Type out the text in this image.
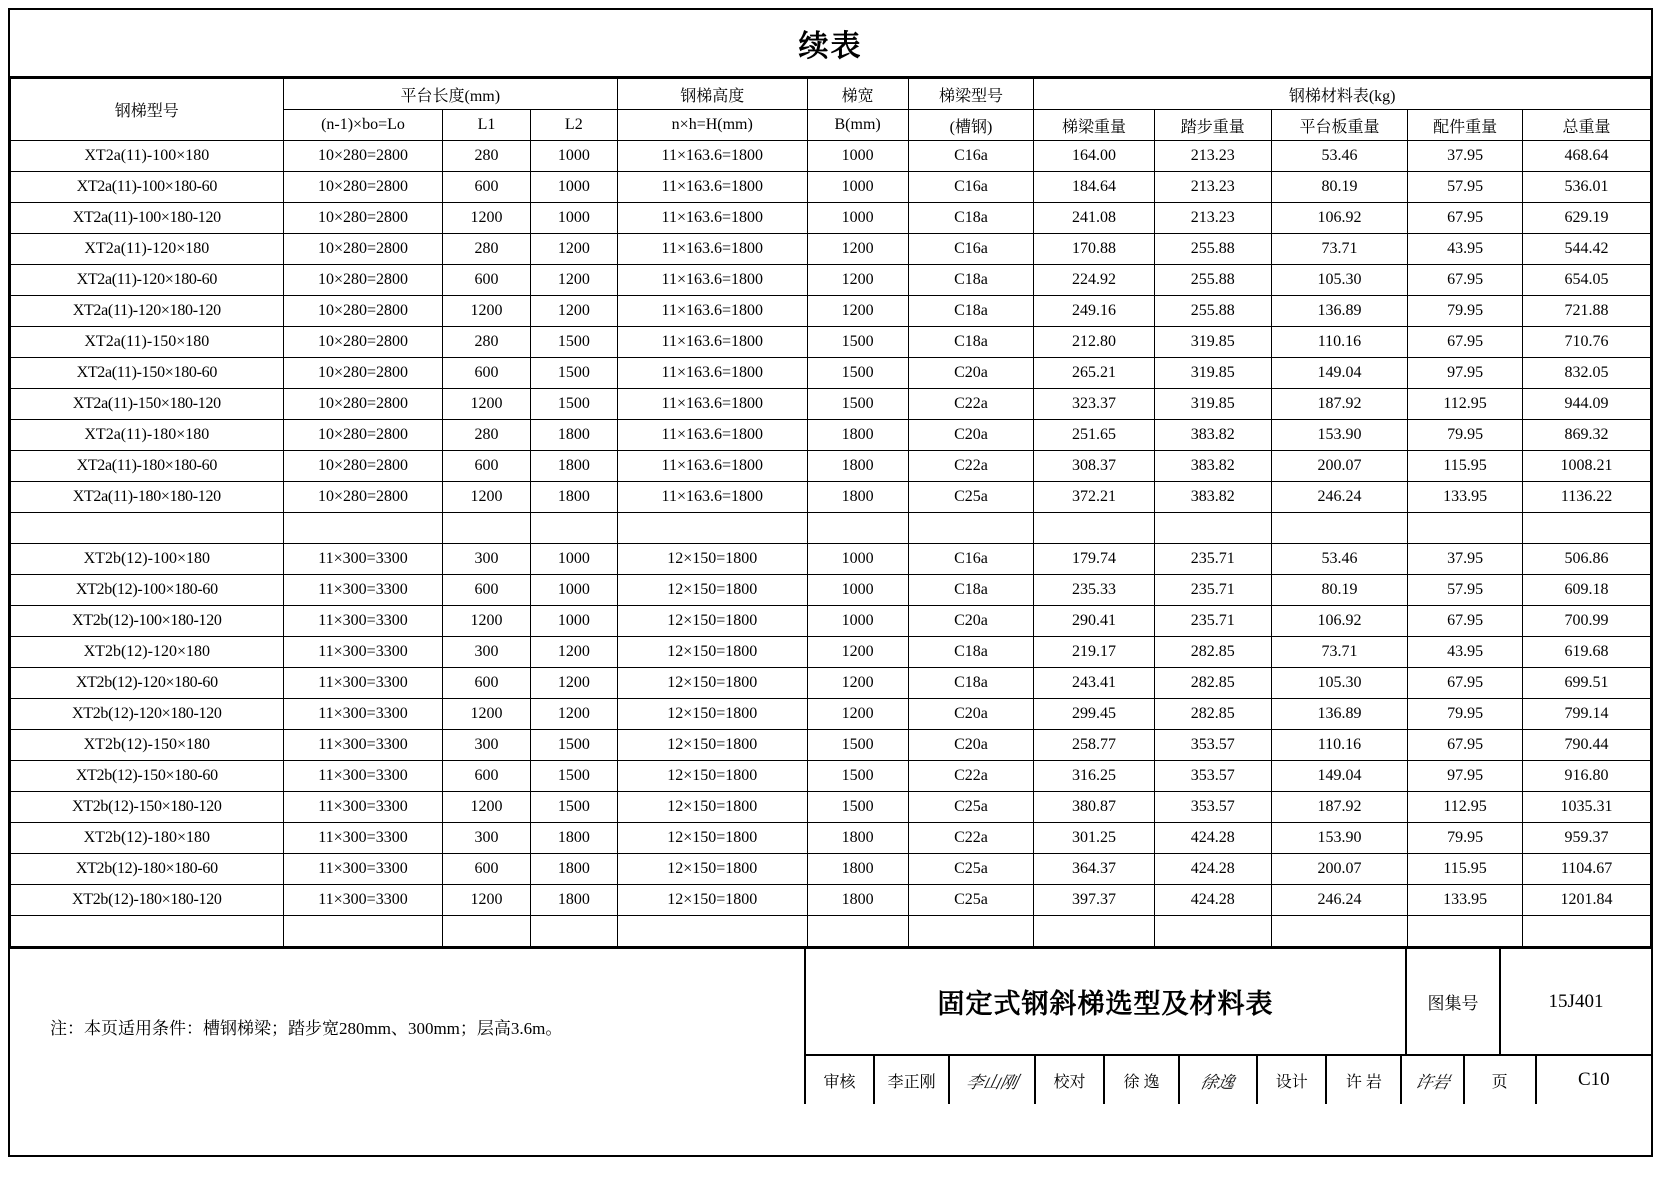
续表
钢梯型号	平台长度(mm)			钢梯高度	梯宽	梯梁型号	钢梯材料表(kg)				
	(n-1)×bo=Lo	L1	L2	n×h=H(mm)	B(mm)	(槽钢)	梯梁重量	踏步重量	平台板重量	配件重量	总重量
XT2a(11)-100×180	10×280=2800	280	1000	11×163.6=1800	1000	C16a	164.00	213.23	53.46	37.95	468.64
XT2a(11)-100×180-60	10×280=2800	600	1000	11×163.6=1800	1000	C16a	184.64	213.23	80.19	57.95	536.01
XT2a(11)-100×180-120	10×280=2800	1200	1000	11×163.6=1800	1000	C18a	241.08	213.23	106.92	67.95	629.19
XT2a(11)-120×180	10×280=2800	280	1200	11×163.6=1800	1200	C16a	170.88	255.88	73.71	43.95	544.42
XT2a(11)-120×180-60	10×280=2800	600	1200	11×163.6=1800	1200	C18a	224.92	255.88	105.30	67.95	654.05
XT2a(11)-120×180-120	10×280=2800	1200	1200	11×163.6=1800	1200	C18a	249.16	255.88	136.89	79.95	721.88
XT2a(11)-150×180	10×280=2800	280	1500	11×163.6=1800	1500	C18a	212.80	319.85	110.16	67.95	710.76
XT2a(11)-150×180-60	10×280=2800	600	1500	11×163.6=1800	1500	C20a	265.21	319.85	149.04	97.95	832.05
XT2a(11)-150×180-120	10×280=2800	1200	1500	11×163.6=1800	1500	C22a	323.37	319.85	187.92	112.95	944.09
XT2a(11)-180×180	10×280=2800	280	1800	11×163.6=1800	1800	C20a	251.65	383.82	153.90	79.95	869.32
XT2a(11)-180×180-60	10×280=2800	600	1800	11×163.6=1800	1800	C22a	308.37	383.82	200.07	115.95	1008.21
XT2a(11)-180×180-120	10×280=2800	1200	1800	11×163.6=1800	1800	C25a	372.21	383.82	246.24	133.95	1136.22

XT2b(12)-100×180	11×300=3300	300	1000	12×150=1800	1000	C16a	179.74	235.71	53.46	37.95	506.86
XT2b(12)-100×180-60	11×300=3300	600	1000	12×150=1800	1000	C18a	235.33	235.71	80.19	57.95	609.18
XT2b(12)-100×180-120	11×300=3300	1200	1000	12×150=1800	1000	C20a	290.41	235.71	106.92	67.95	700.99
XT2b(12)-120×180	11×300=3300	300	1200	12×150=1800	1200	C18a	219.17	282.85	73.71	43.95	619.68
XT2b(12)-120×180-60	11×300=3300	600	1200	12×150=1800	1200	C18a	243.41	282.85	105.30	67.95	699.51
XT2b(12)-120×180-120	11×300=3300	1200	1200	12×150=1800	1200	C20a	299.45	282.85	136.89	79.95	799.14
XT2b(12)-150×180	11×300=3300	300	1500	12×150=1800	1500	C20a	258.77	353.57	110.16	67.95	790.44
XT2b(12)-150×180-60	11×300=3300	600	1500	12×150=1800	1500	C22a	316.25	353.57	149.04	97.95	916.80
XT2b(12)-150×180-120	11×300=3300	1200	1500	12×150=1800	1500	C25a	380.87	353.57	187.92	112.95	1035.31
XT2b(12)-180×180	11×300=3300	300	1800	12×150=1800	1800	C22a	301.25	424.28	153.90	79.95	959.37
XT2b(12)-180×180-60	11×300=3300	600	1800	12×150=1800	1800	C25a	364.37	424.28	200.07	115.95	1104.67
XT2b(12)-180×180-120	11×300=3300	1200	1800	12×150=1800	1800	C25a	397.37	424.28	246.24	133.95	1201.84

注：本页适用条件：槽钢梯梁；踏步宽280mm、300mm；层高3.6m。
固定式钢斜梯选型及材料表	图集号	15J401
审核	李正刚	李山刚	校对	徐 逸	徐逸	设计	许 岩	许岩	页	C10
